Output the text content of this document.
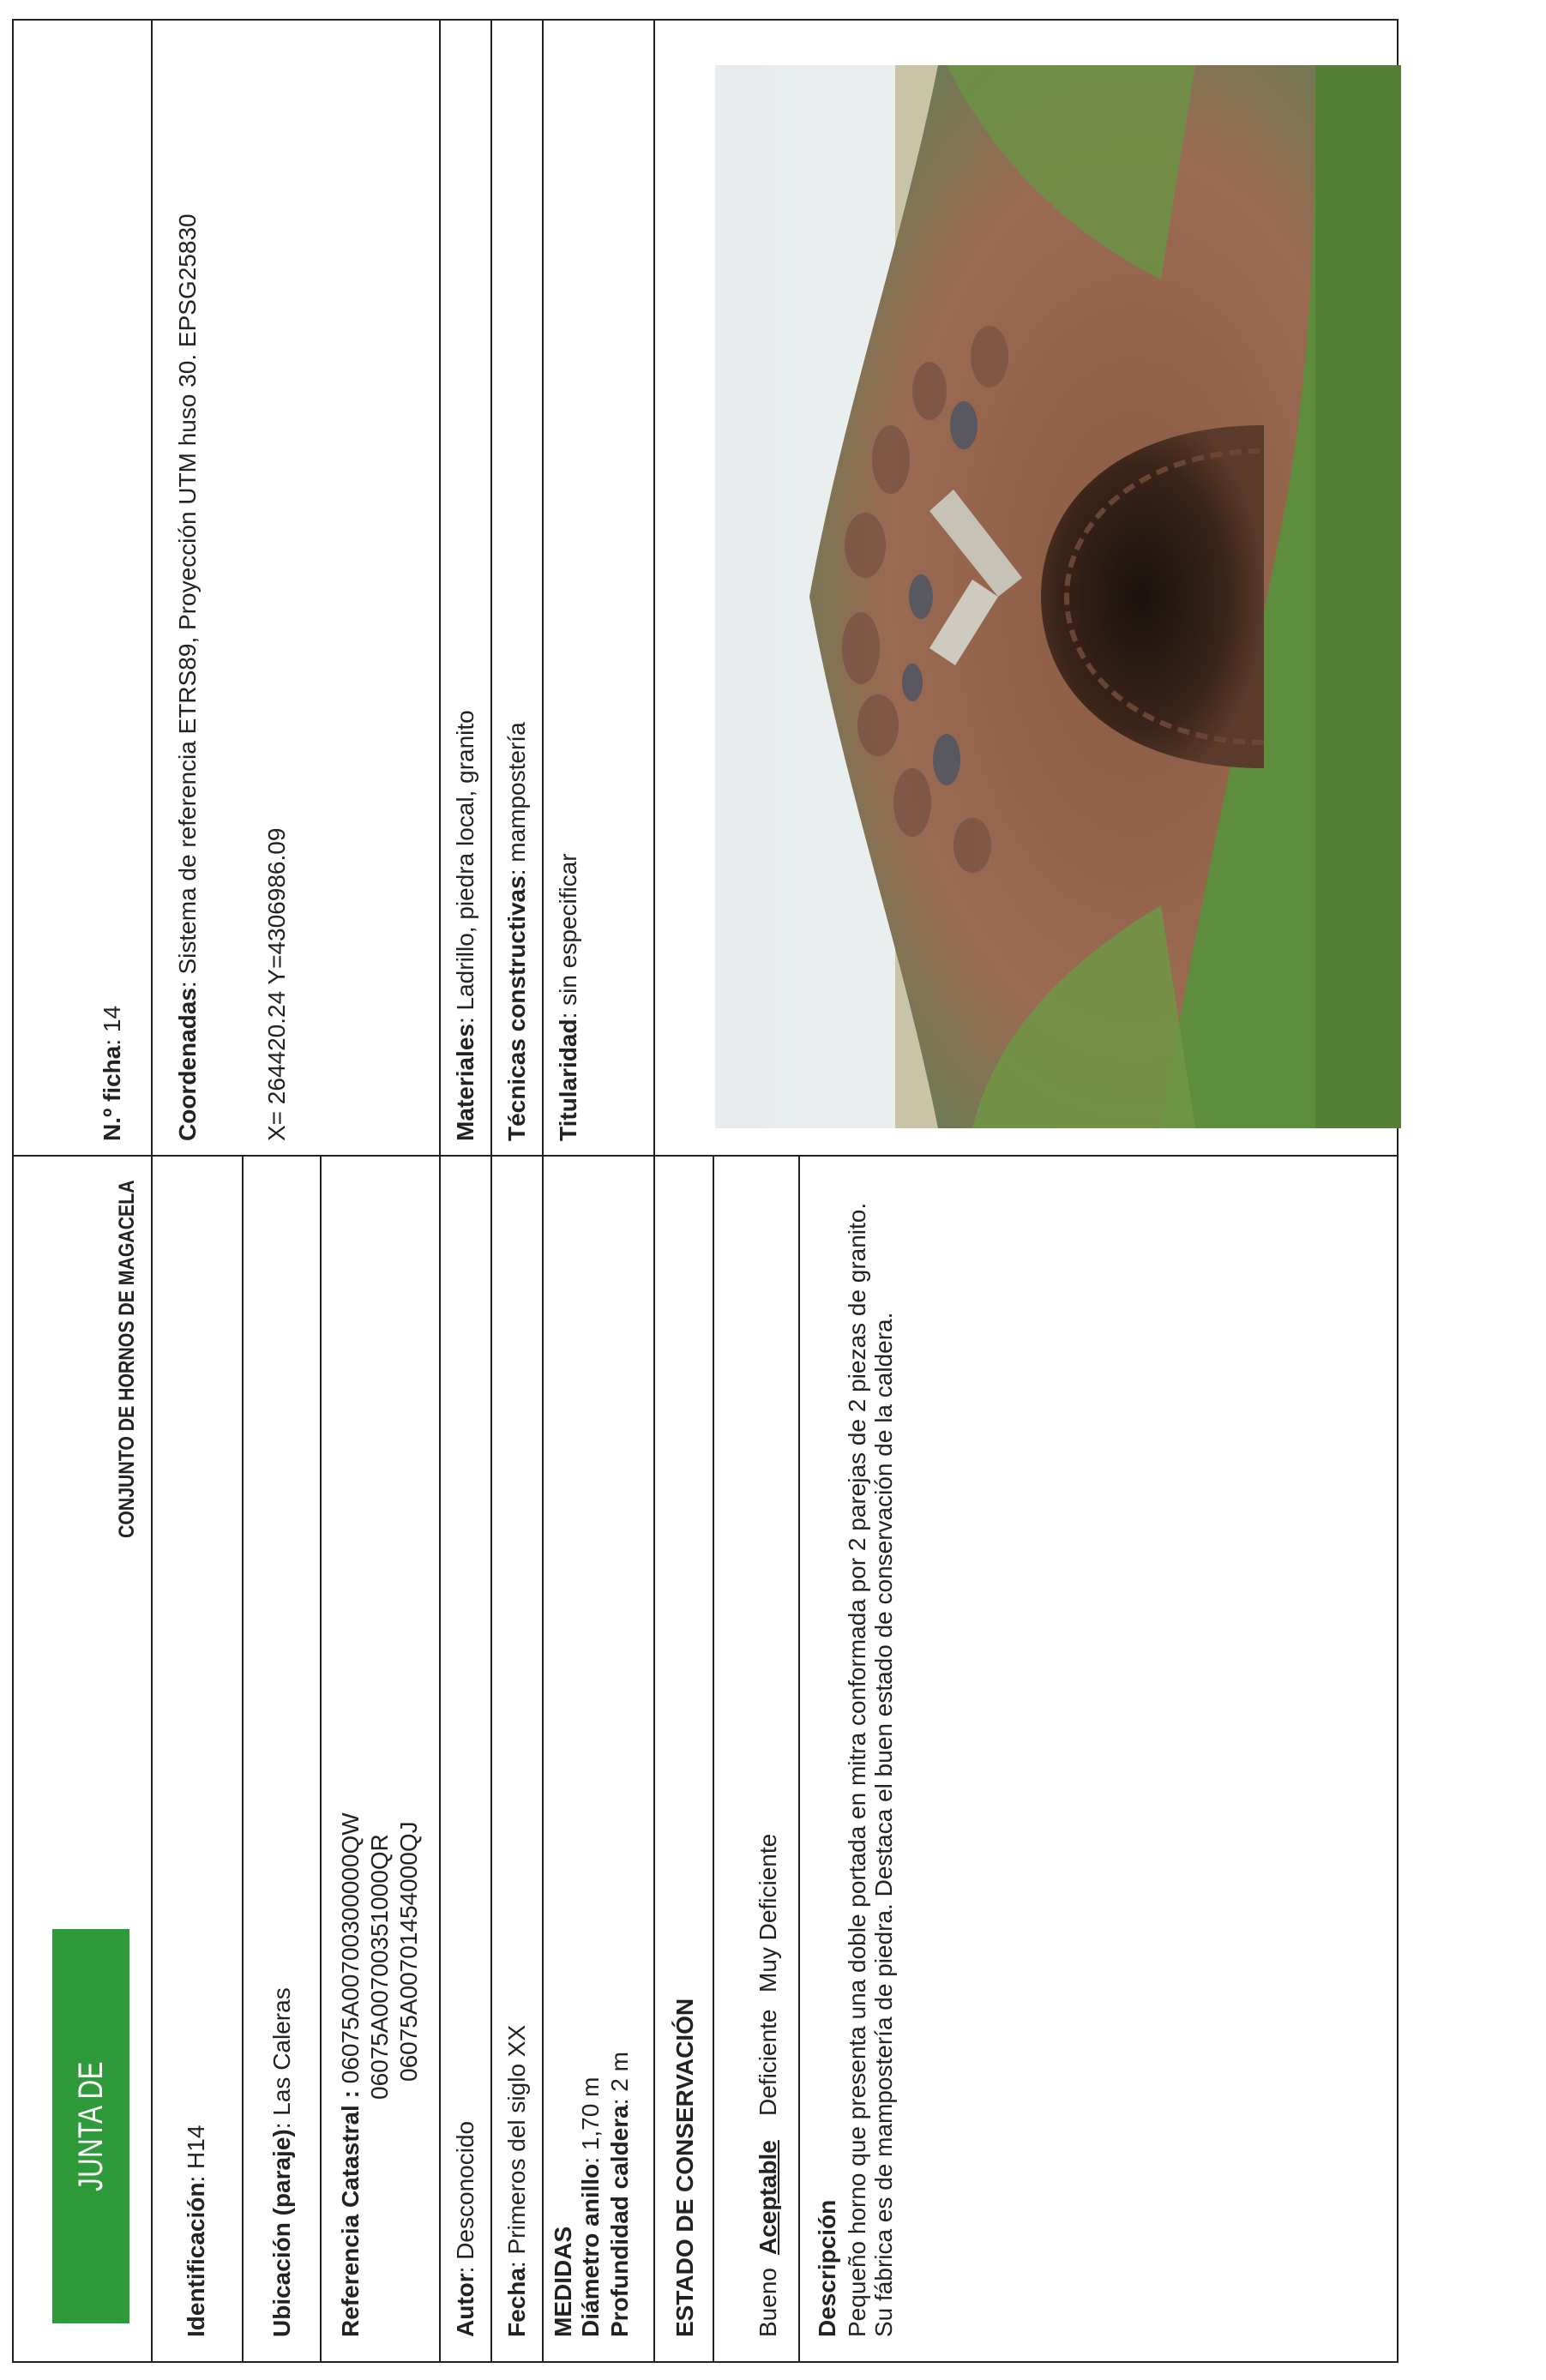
JUNTA DE EXTREMADURA
CONJUNTO DE HORNOS DE MAGACELA
N.º ficha: 14
Identificación: H14 Ubicación (paraje): Las Caleras
Referencia Catastral : 06075A00700300000QW 06075A00700351000QR 06075A00701454000QJ
Autor: Desconocido
Fecha: Primeros del siglo XX
MEDIDAS Diámetro anillo: 1,70 m Profundidad caldera: 2 m ESTADO DE CONSERVACIÓN Bueno
Aceptable
Deficiente
Muy Deficiente
Descripción Pequeño horno que presenta una doble portada en mitra conformada por 2 parejas de 2 piezas de granito. Su fábrica es de mampostería de piedra. Destaca el buen estado de conservación de la caldera.
Coordenadas: Sistema de referencia ETRS89, Proyección UTM huso 30. EPSG25830	X= 264420.24 Y=4306986.09	Materiales: Ladrillo, piedra local, granito Técnicas constructivas: mampostería
Titularidad: sin especificar
